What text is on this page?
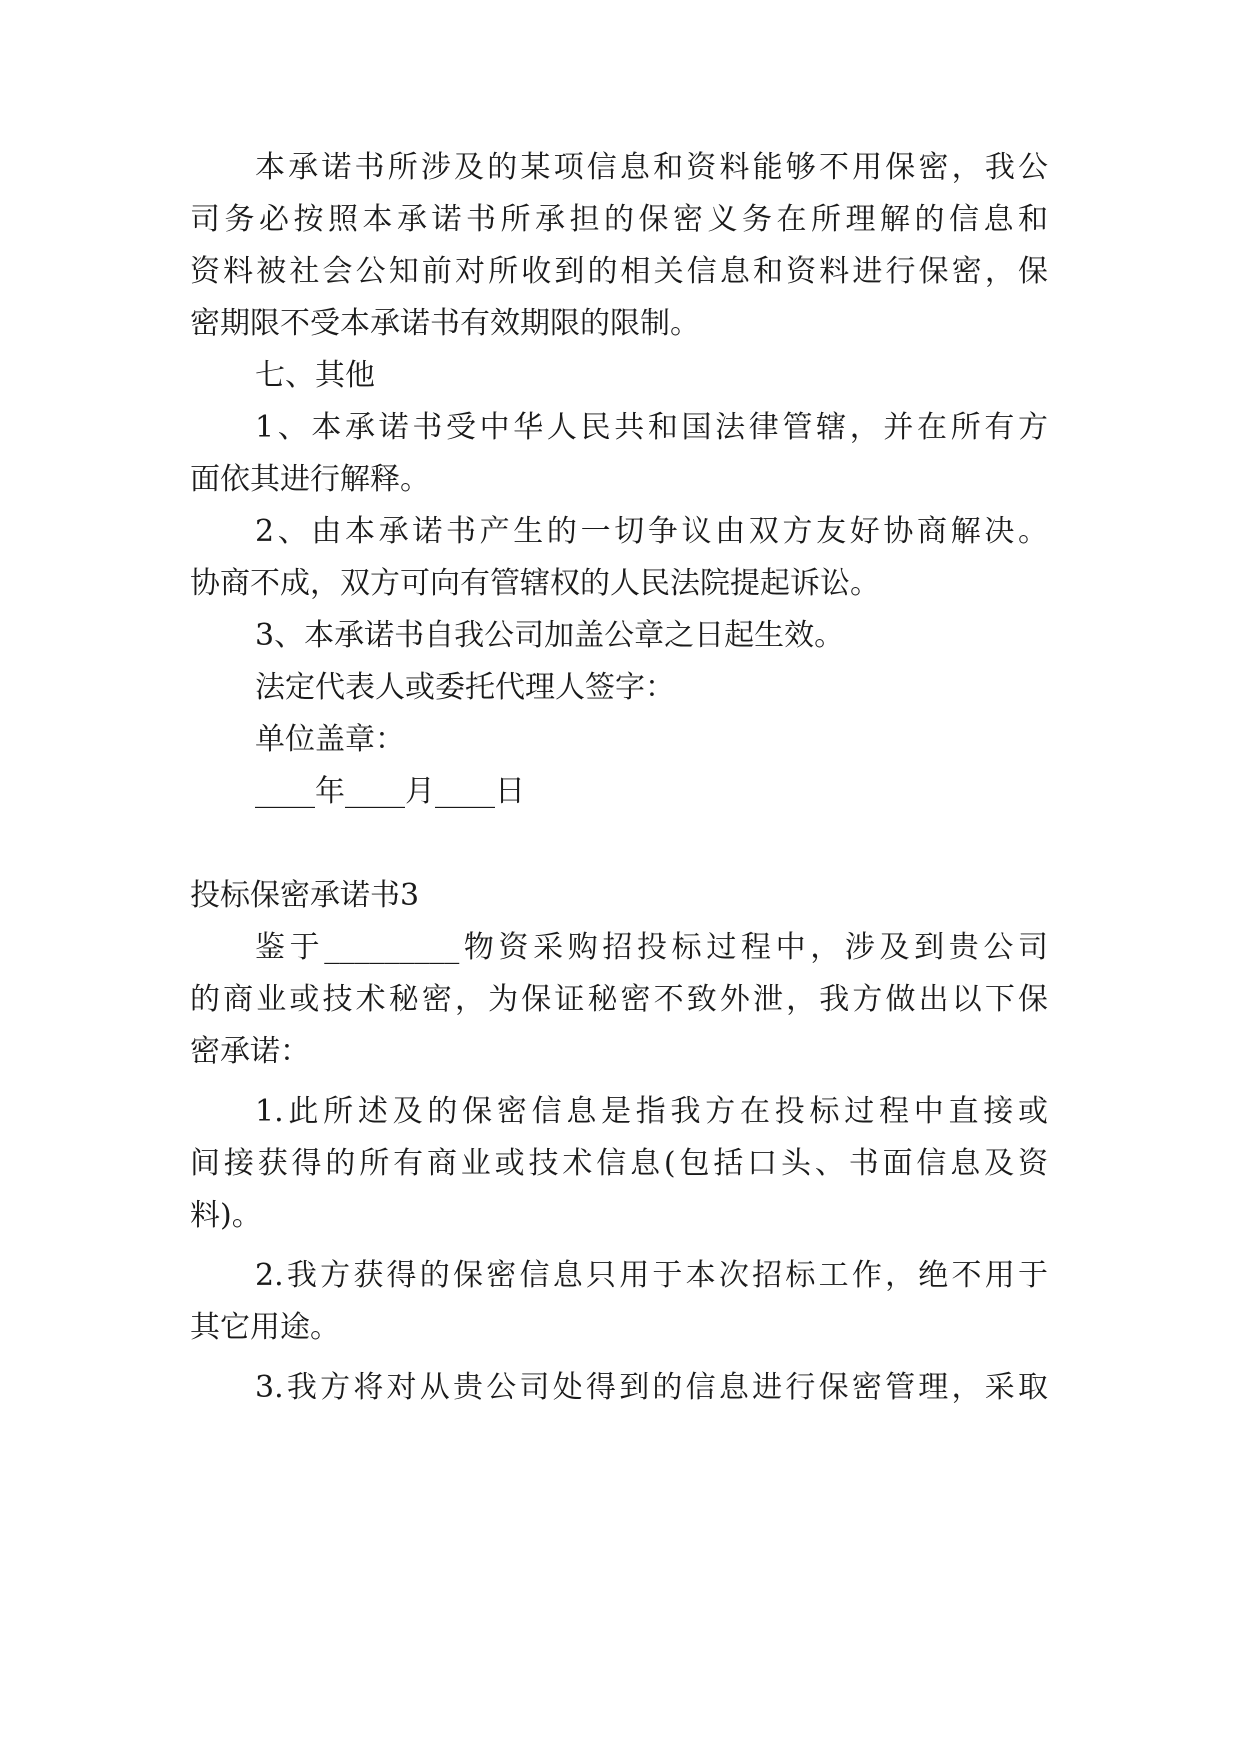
本承诺书所涉及的某项信息和资料能够不用保密，我公
司务必按照本承诺书所承担的保密义务在所理解的信息和
资料被社会公知前对所收到的相关信息和资料进行保密，保
密期限不受本承诺书有效期限的限制。
七、其他
1、本承诺书受中华人民共和国法律管辖，并在所有方
面依其进行解释。
2、由本承诺书产生的一切争议由双方友好协商解决。
协商不成，双方可向有管辖权的人民法院提起诉讼。
3、本承诺书自我公司加盖公章之日起生效。
法定代表人或委托代理人签字：
单位盖章：
____年____月____日
投标保密承诺书3
鉴于_________物资采购招投标过程中，涉及到贵公司
的商业或技术秘密，为保证秘密不致外泄，我方做出以下保
密承诺：
1.此所述及的保密信息是指我方在投标过程中直接或
间接获得的所有商业或技术信息(包括口头、书面信息及资
料)。
2.我方获得的保密信息只用于本次招标工作，绝不用于
其它用途。
3.我方将对从贵公司处得到的信息进行保密管理，采取
